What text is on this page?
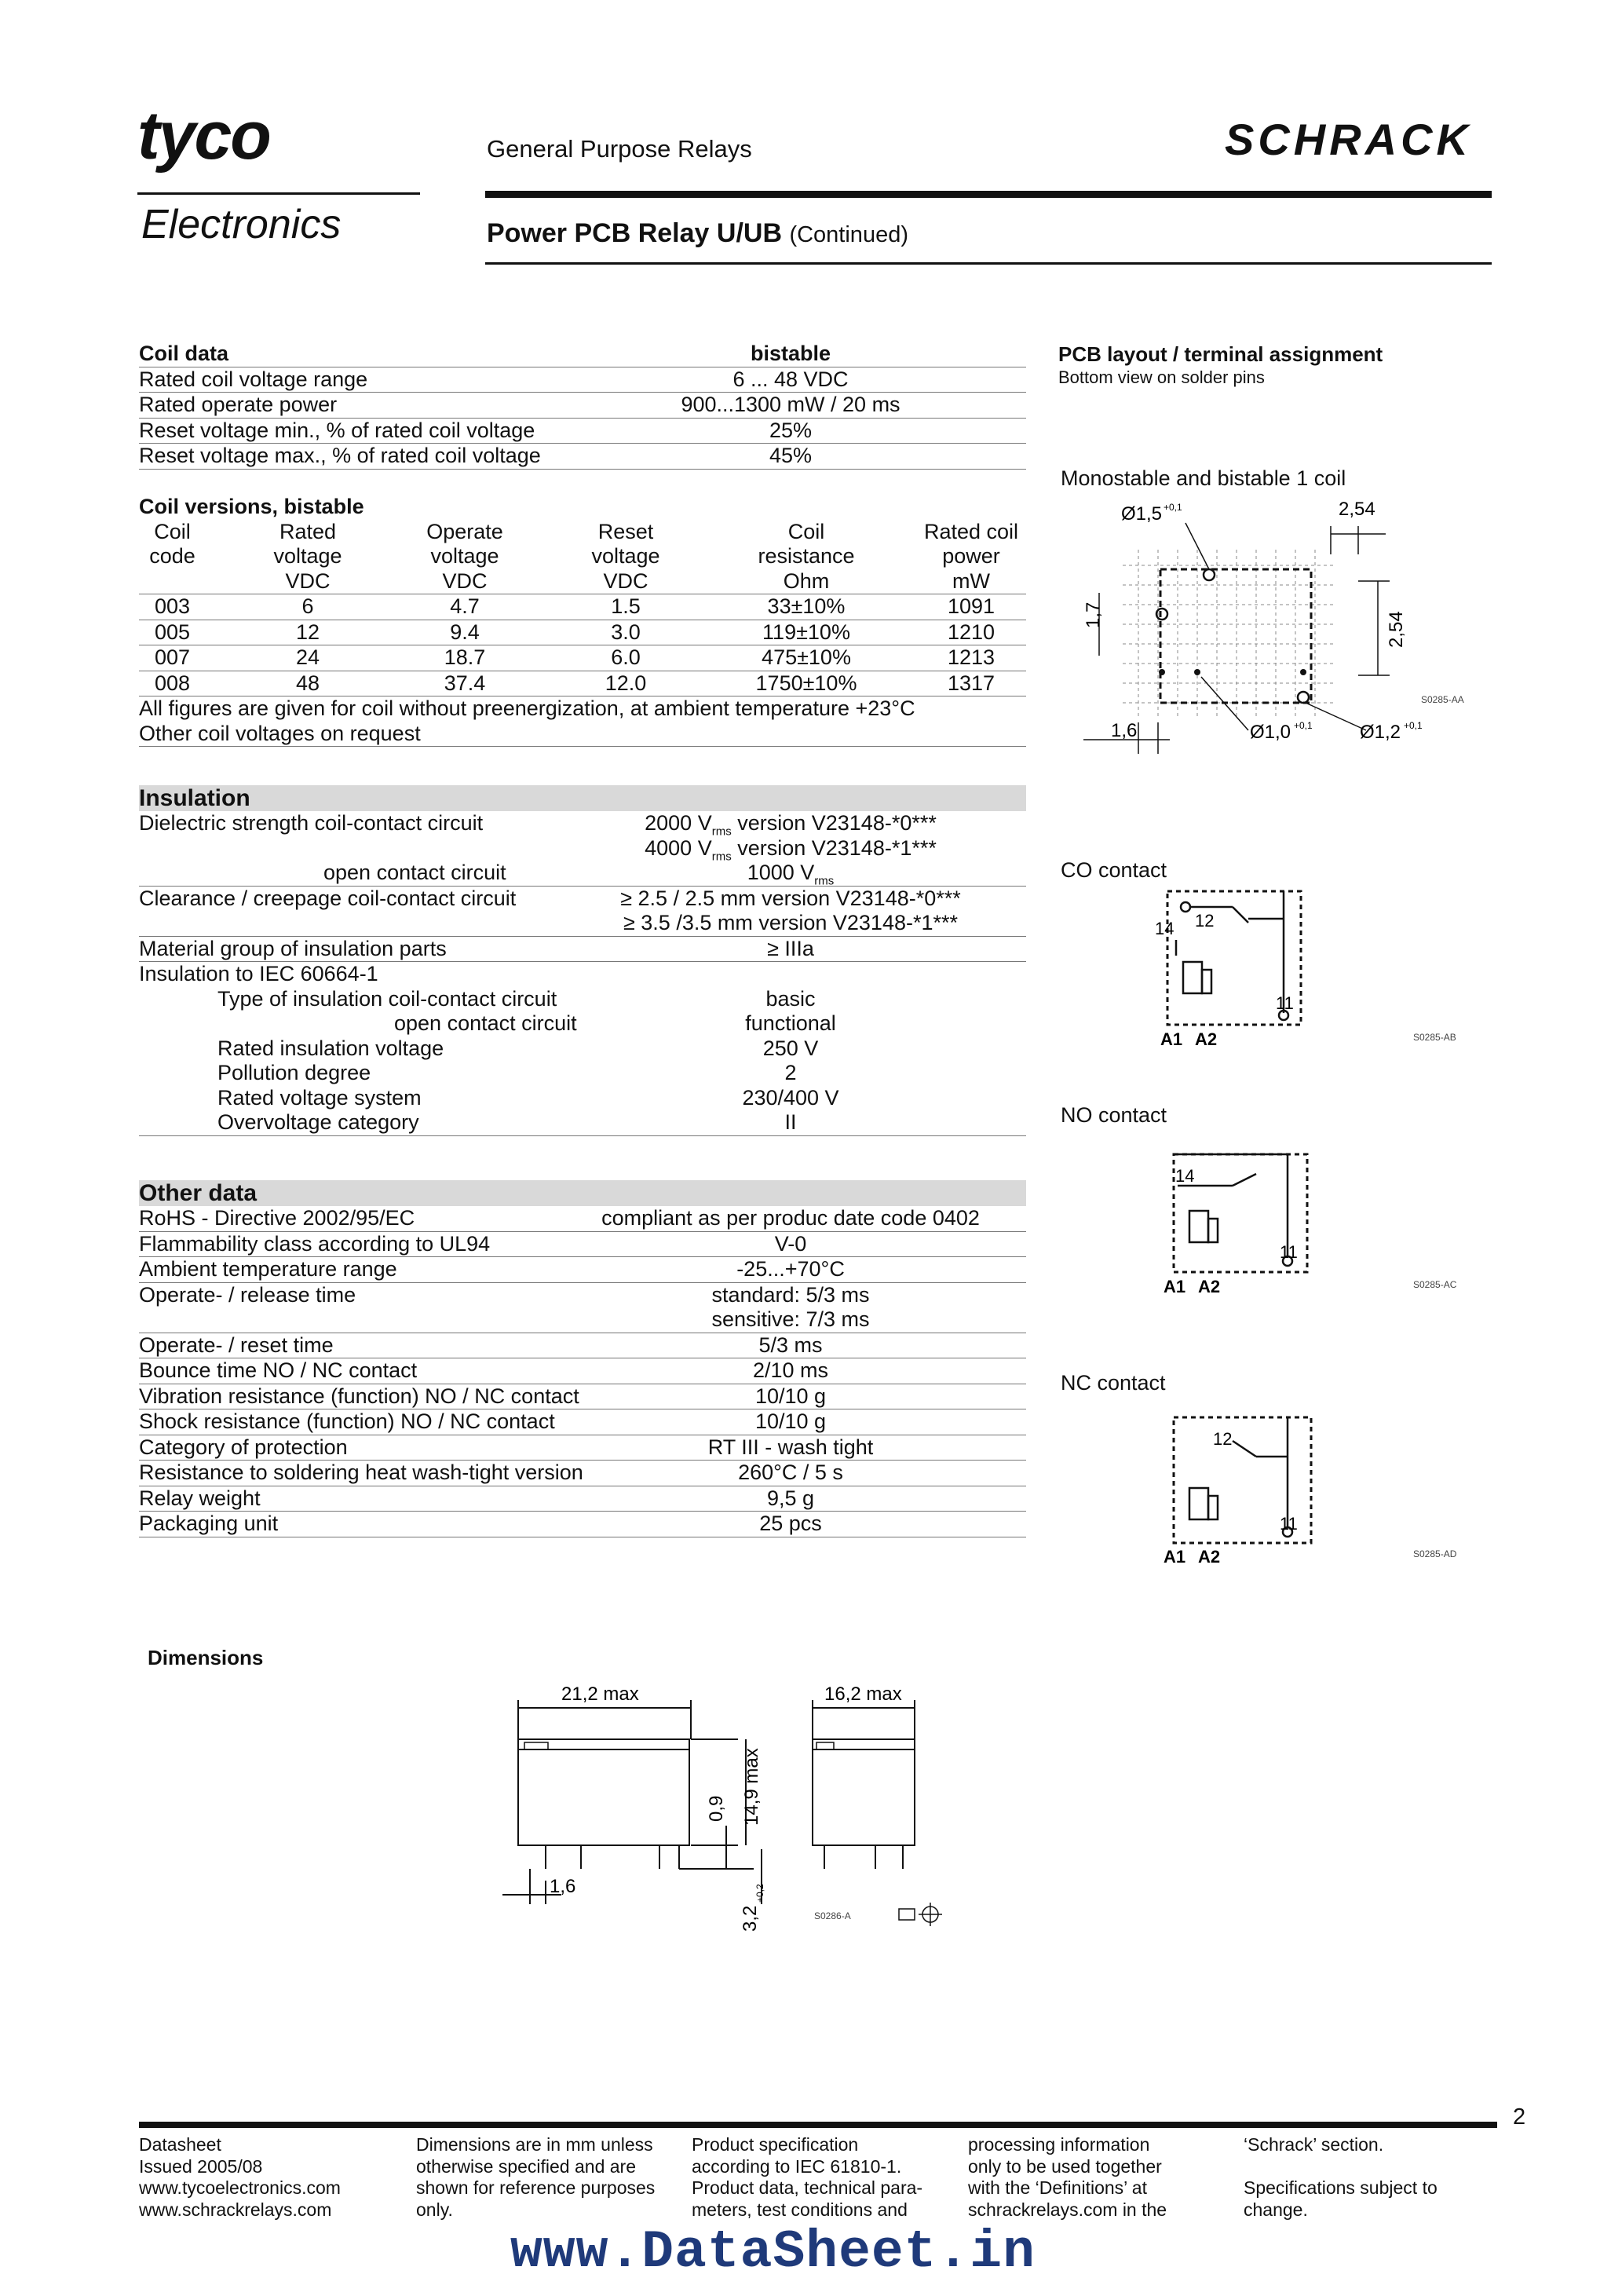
tyco
Electronics
SCHRACK
General Purpose Relays
Power PCB Relay U/UB (Continued)
Coil data	bistable
Rated coil voltage range	6 ... 48 VDC
Rated operate power	900...1300 mW / 20 ms
Reset voltage min., % of rated coil voltage	25%
Reset voltage max., % of rated coil voltage	45%
Coil versions, bistable
Coil	Rated	Operate	Reset	Coil	Rated coil
code	voltage	voltage	voltage	resistance	power
VDC	VDC	VDC	Ohm	mW
003	6	4.7	1.5	33±10%	1091
005	12	9.4	3.0	119±10%	1210
007	24	18.7	6.0	475±10%	1213
008	48	37.4	12.0	1750±10%	1317
All figures are given for coil without preenergization, at ambient temperature +23°C
Other coil voltages on request
Insulation
Dielectric strength coil-contact circuit	2000 $V_{rms}$ version V23148-*0***
4000 $V_{rms}$ version V23148-*1***
open contact circuit	1000 $V_{rms}$
Clearance / creepage coil-contact circuit	≥ 2.5 / 2.5 mm version V23148-*0***
≥ 3.5 /3.5 mm version V23148-*1***
Material group of insulation parts	≥ IIIa
Insulation to IEC 60664-1
Type of insulation coil-contact circuit	basic
open contact circuit	functional
Rated insulation voltage	250 V
Pollution degree	2
Rated voltage system	230/400 V
Overvoltage category	II
Other data
RoHS - Directive 2002/95/EC	compliant as per produc date code 0402
Flammability class according to UL94	V-0
Ambient temperature range	-25...+70°C
Operate- / release time	standard: 5/3 ms
sensitive: 7/3 ms
Operate- / reset time	5/3 ms
Bounce time NO / NC contact	2/10 ms
Vibration resistance (function) NO / NC contact	10/10 g
Shock resistance (function) NO / NC contact	10/10 g
Category of protection	RT III - wash tight
Resistance to soldering heat wash-tight version	260°C / 5 s
Relay weight	9,5 g
Packaging unit	25 pcs
PCB layout / terminal assignment
Bottom view on solder pins
Monostable and bistable 1 coil
Ø1,5 +0,1	2,54
2,54
1,7
1,6	Ø1,0 +0,1	Ø1,2 +0,1
S0285-AA
CO contact
14 12
11
A1 A2	S0285-AB
NO contact
14
11
A1 A2	S0285-AC
NC contact
12
11
A1 A2	S0285-AD
Dimensions
21,2 max	16,2 max
14,9 max
0,9
1,6
3,2
+0,2
S0286-A
2
Datasheet
Issued 2005/08
www.tycoelectronics.com
www.schrackrelays.com
Dimensions are in mm unless
otherwise specified and are
shown for reference purposes
only.
Product specification
according to IEC 61810-1.
Product data, technical para-
meters, test conditions and
processing information
only to be used together
with the ‘Definitions’ at
schrackrelays.com in the
‘Schrack’ section.
Specifications subject to
change.
www.DataSheet.in
